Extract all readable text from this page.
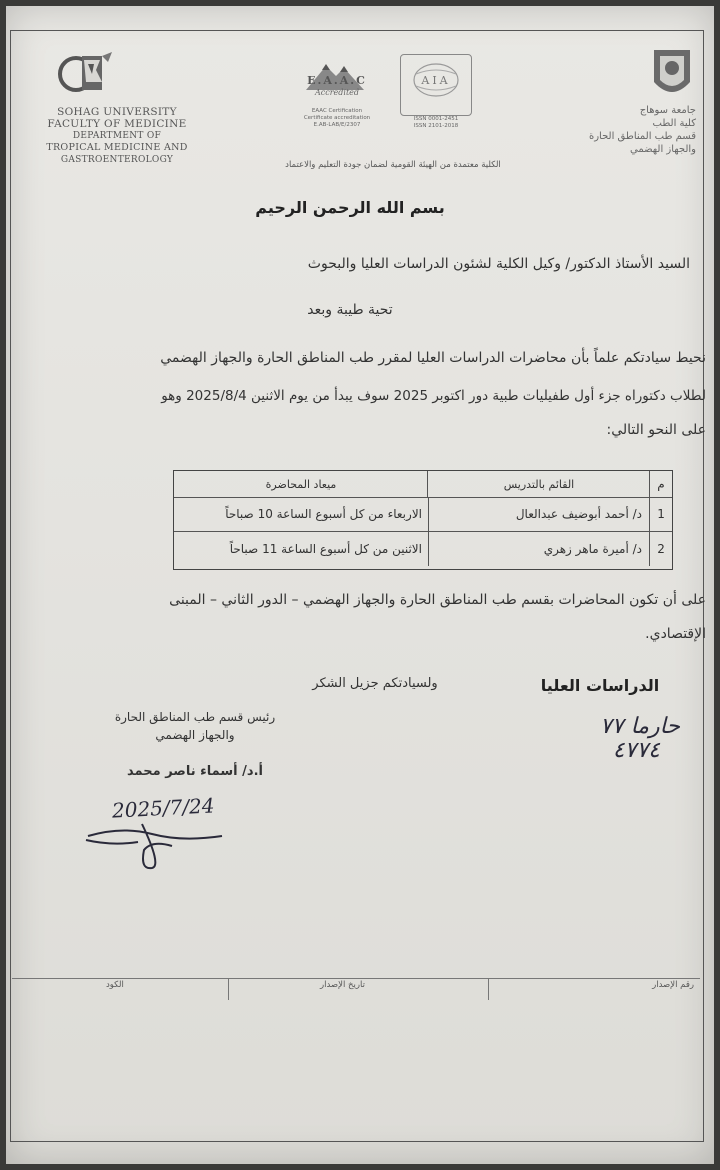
SOHAG UNIVERSITY
FACULTY OF MEDICINE
DEPARTMENT OF
TROPICAL MEDICINE AND
GASTROENTEROLOGY
E.A.A.C
Accredited
EAAC Certification
Certificate accreditation
E.AB-LAB/E/2307
AIA
ISSN 0001-2451
ISSN 2101-2018
جامعة سوهاج
كلية الطب
قسم طب المناطق الحارة
والجهاز الهضمي
الكلية معتمدة من الهيئة القومية لضمان جودة التعليم والاعتماد
بسم الله الرحمن الرحيم
السيد الأستاذ الدكتور/ وكيل الكلية لشئون الدراسات العليا والبحوث
تحية طيبة وبعد
نحيط سيادتكم علماً بأن محاضرات الدراسات العليا لمقرر طب المناطق الحارة والجهاز الهضمي
لطلاب دكتوراه جزء أول طفيليات طبية دور اكتوبر 2025 سوف يبدأ من يوم الاثنين 2025/8/4 وهو
على النحو التالي:
م
القائم بالتدريس
ميعاد المحاضرة
1
د/ أحمد أبوضيف عبدالعال
الاربعاء من كل أسبوع الساعة 10 صباحاً
2
د/ أميرة ماهر زهري
الاثنين من كل أسبوع الساعة 11 صباحاً
على أن تكون المحاضرات بقسم طب المناطق الحارة والجهاز الهضمي – الدور الثاني – المبنى
الإقتصادي.
ولسيادتكم جزيل الشكر
رئيس قسم طب المناطق الحارة
والجهاز الهضمي
أ.د/ أسماء ناصر محمد
2025/7/24
الدراسات العليا
حارما ٧٧
٤٧٧٤
رقم الإصدار
تاريخ الإصدار
الكود
